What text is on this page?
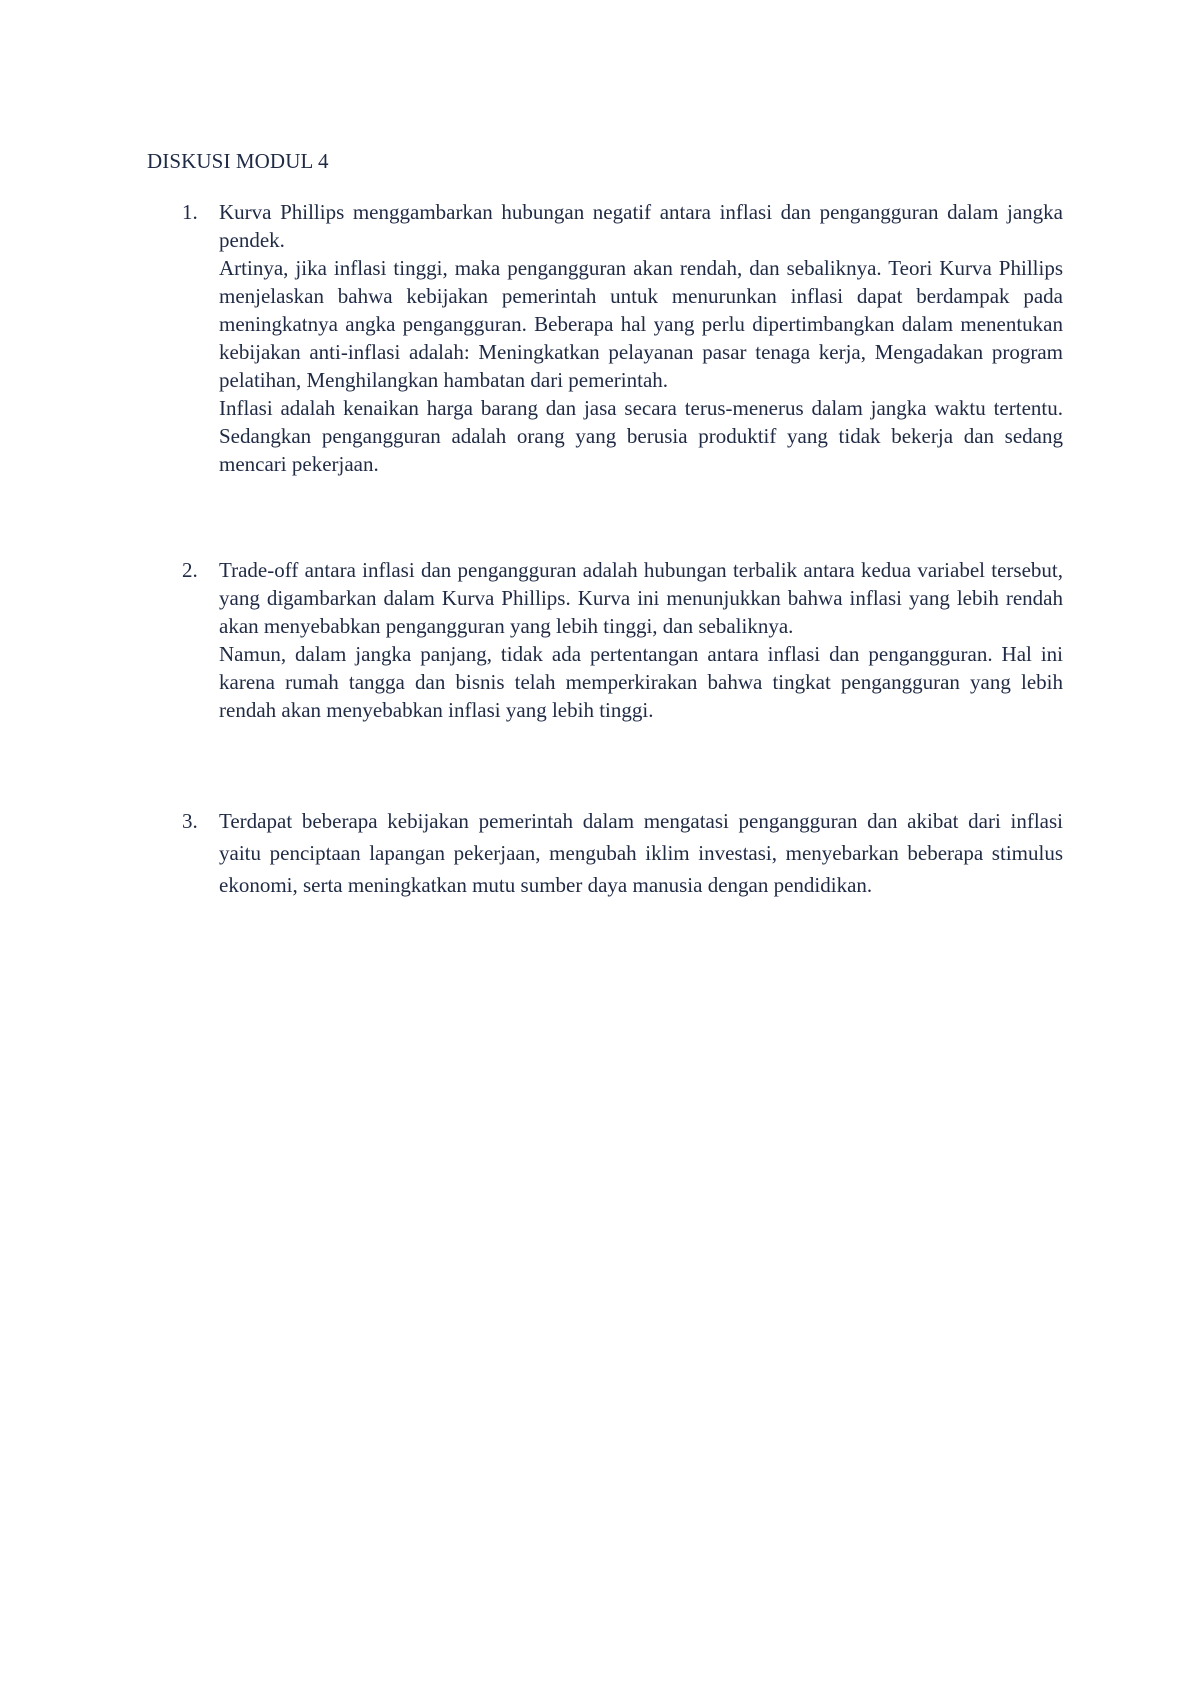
DISKUSI MODUL 4
1. Kurva Phillips menggambarkan hubungan negatif antara inflasi dan pengangguran dalam jangka pendek.

Artinya, jika inflasi tinggi, maka pengangguran akan rendah, dan sebaliknya. Teori Kurva Phillips menjelaskan bahwa kebijakan pemerintah untuk menurunkan inflasi dapat berdampak pada meningkatnya angka pengangguran. Beberapa hal yang perlu dipertimbangkan dalam menentukan kebijakan anti-inflasi adalah: Meningkatkan pelayanan pasar tenaga kerja, Mengadakan program pelatihan, Menghilangkan hambatan dari pemerintah.

Inflasi adalah kenaikan harga barang dan jasa secara terus-menerus dalam jangka waktu tertentu. Sedangkan pengangguran adalah orang yang berusia produktif yang tidak bekerja dan sedang mencari pekerjaan.

2. Trade-off antara inflasi dan pengangguran adalah hubungan terbalik antara kedua variabel tersebut, yang digambarkan dalam Kurva Phillips. Kurva ini menunjukkan bahwa inflasi yang lebih rendah akan menyebabkan pengangguran yang lebih tinggi, dan sebaliknya.

Namun, dalam jangka panjang, tidak ada pertentangan antara inflasi dan pengangguran. Hal ini karena rumah tangga dan bisnis telah memperkirakan bahwa tingkat pengangguran yang lebih rendah akan menyebabkan inflasi yang lebih tinggi.

3. Terdapat beberapa kebijakan pemerintah dalam mengatasi pengangguran dan akibat dari inflasi yaitu penciptaan lapangan pekerjaan, mengubah iklim investasi, menyebarkan beberapa stimulus ekonomi, serta meningkatkan mutu sumber daya manusia dengan pendidikan.
